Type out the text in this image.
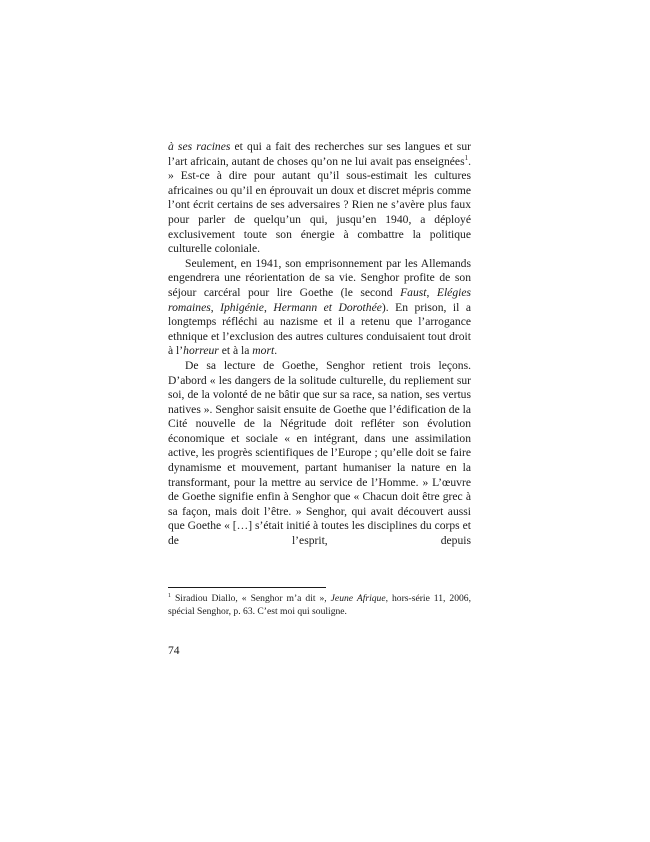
à ses racines et qui a fait des recherches sur ses langues et sur l’art africain, autant de choses qu’on ne lui avait pas enseignées$^1$. » Est-ce à dire pour autant qu’il sous-estimait les cultures africaines ou qu’il en éprouvait un doux et discret mépris comme l’ont écrit certains de ses adversaires ? Rien ne s’avère plus faux pour parler de quelqu’un qui, jusqu’en 1940, a déployé exclusivement toute son énergie à combattre la politique culturelle coloniale.

Seulement, en 1941, son emprisonnement par les Allemands engendrera une réorientation de sa vie. Senghor profite de son séjour carcéral pour lire Goethe (le second Faust, Elégies romaines, Iphigénie, Hermann et Dorothée). En prison, il a longtemps réfléchi au nazisme et il a retenu que l’arrogance ethnique et l’exclusion des autres cultures conduisaient tout droit à l’horreur et à la mort.

De sa lecture de Goethe, Senghor retient trois leçons. D’abord « les dangers de la solitude culturelle, du repliement sur soi, de la volonté de ne bâtir que sur sa race, sa nation, ses vertus natives ». Senghor saisit ensuite de Goethe que l’édification de la Cité nouvelle de la Négritude doit refléter son évolution économique et sociale « en intégrant, dans une assimilation active, les progrès scientifiques de l’Europe ; qu’elle doit se faire dynamisme et mouvement, partant humaniser la nature en la transformant, pour la mettre au service de l’Homme. » L’œuvre de Goethe signifie enfin à Senghor que « Chacun doit être grec à sa façon, mais doit l’être. » Senghor, qui avait découvert aussi que Goethe « […] s’était initié à toutes les disciplines du corps et de l’esprit, depuis

$^1$ Siradiou Diallo, « Senghor m’a dit », Jeune Afrique, hors-série 11, 2006, spécial Senghor, p. 63. C’est moi qui souligne.
74
